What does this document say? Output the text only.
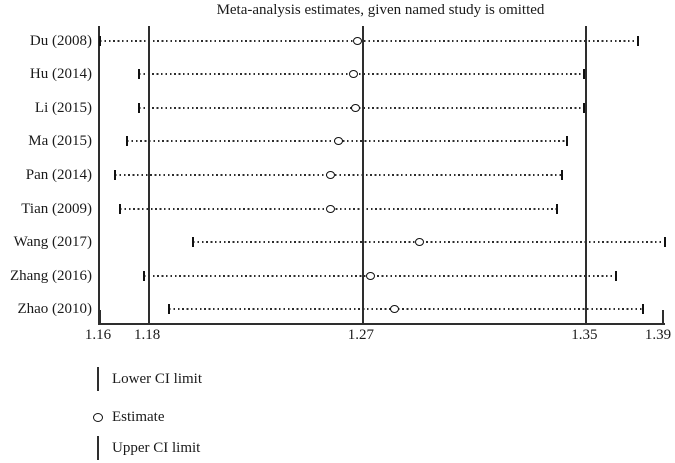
Meta-analysis estimates, given named study is omitted
Du (2008)
Hu (2014)
Li (2015)
Ma (2015)
Pan (2014)
Tian (2009)
Wang (2017)
Zhang (2016)
Zhao (2010)
1.16	1.18	1.27	1.35	1.39
Lower CI limit
Estimate
Upper CI limit
